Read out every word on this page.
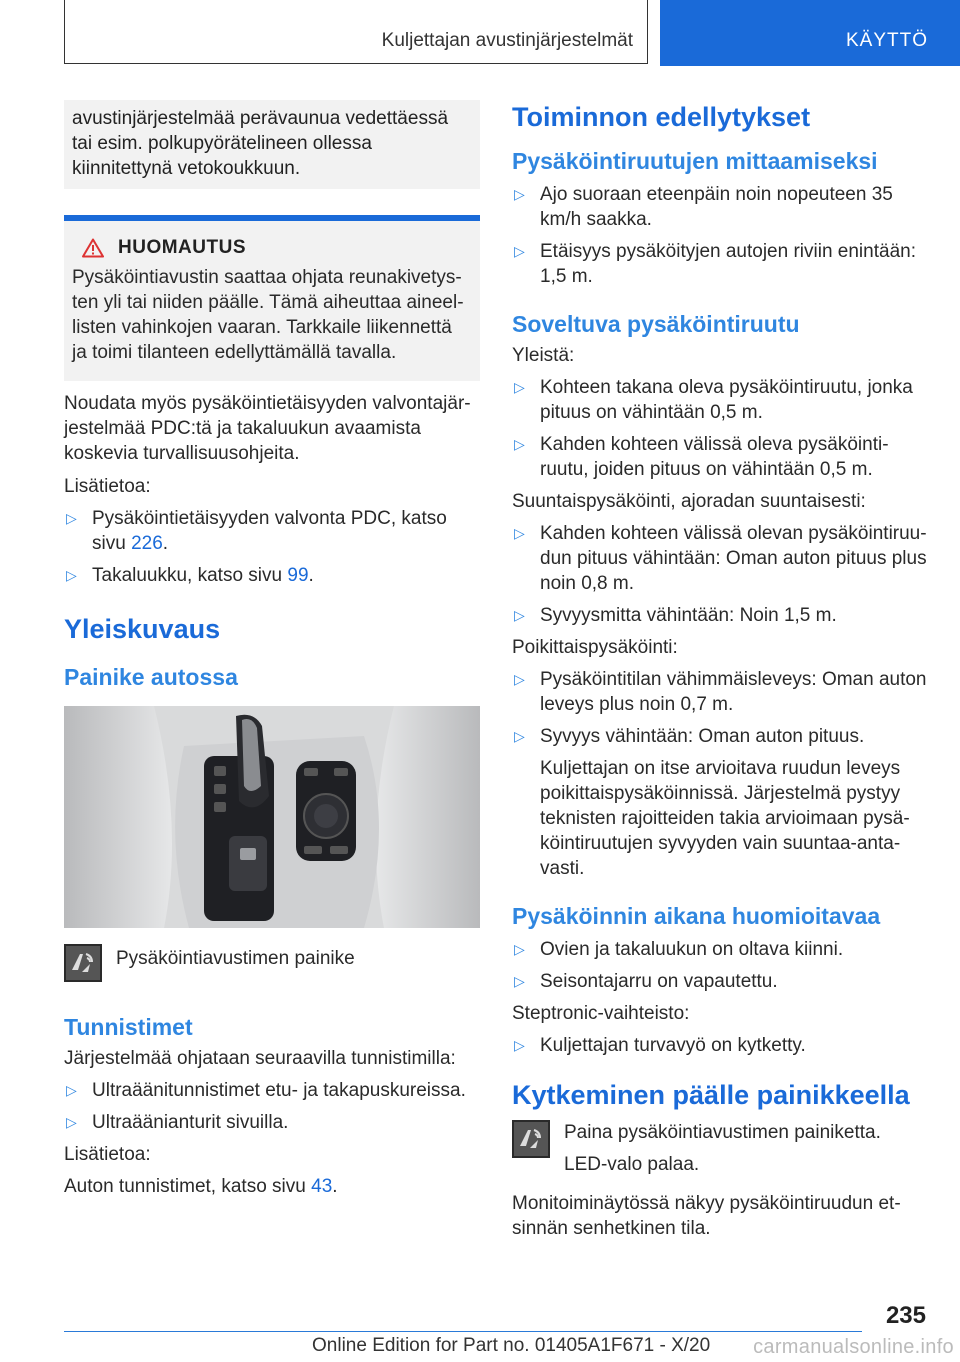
Kuljettajan avustinjärjestelmät	KÄYTTÖ
avustinjärjestelmää perävaunua vedettäessä tai esim. polkupyörätelineen ollessa kiinnitettynä vetokoukkuun.
HUOMAUTUS

Pysäköintiavustin saattaa ohjata reunakivetysten yli tai niiden päälle. Tämä aiheuttaa aineellisten vahinkojen vaaran. Tarkkaile liikennettä ja toimi tilanteen edellyttämällä tavalla.

Noudata myös pysäköintietäisyyden valvontajärjestelmää PDC:tä ja takaluukun avaamista koskevia turvallisuusohjeita.

Lisätietoa:

▷ Pysäköintietäisyyden valvonta PDC, katso sivu 226.
▷ Takaluukku, katso sivu 99.
Yleiskuvaus
Painike autossa

Pysäköintiavustimen painike

Tunnistimet

Järjestelmää ohjataan seuraavilla tunnistimilla:

▷ Ultraäänitunnistimet etu- ja takapuskureissa.
▷ Ultraäänianturit sivuilla.

Lisätietoa:

Auton tunnistimet, katso sivu 43.

Toiminnon edellytykset
Pysäköintiruutujen mittaamiseksi
▷ Ajo suoraan eteenpäin noin nopeuteen 35 km/h saakka.
▷ Etäisyys pysäköityjen autojen riviin enintään: 1,5 m.
Soveltuva pysäköintiruutu

Yleistä:

▷ Kohteen takana oleva pysäköintiruutu, jonka pituus on vähintään 0,5 m.
▷ Kahden kohteen välissä oleva pysäköintiruutu, joiden pituus on vähintään 0,5 m.

Suuntaispysäköinti, ajoradan suuntaisesti:

▷ Kahden kohteen välissä olevan pysäköintiruudun pituus vähintään: Oman auton pituus plus noin 0,8 m.
▷ Syvyysmitta vähintään: Noin 1,5 m.

Poikittaispysäköinti:

▷ Pysäköintitilan vähimmäisleveys: Oman auton leveys plus noin 0,7 m.
▷ Syvyys vähintään: Oman auton pituus.
Kuljettajan on itse arvioitava ruudun leveys poikittaispysäköinnissä. Järjestelmä pystyy teknisten rajoitteiden takia arvioimaan pysäköintiruutujen syvyyden vain suuntaa-antavasti.
Pysäköinnin aikana huomioitavaa
▷ Ovien ja takaluukun on oltava kiinni.
▷ Seisontajarru on vapautettu.

Steptronic-vaihteisto:

▷ Kuljettajan turvavyö on kytketty.
Kytkeminen päälle painikkeella

Paina pysäköintiavustimen painiketta.

LED-valo palaa.

Monitoiminäytössä näkyy pysäköintiruudun etsinnän senhetkinen tila.

235
Online Edition for Part no. 01405A1F671 - X/20 carmanualsonline.info
